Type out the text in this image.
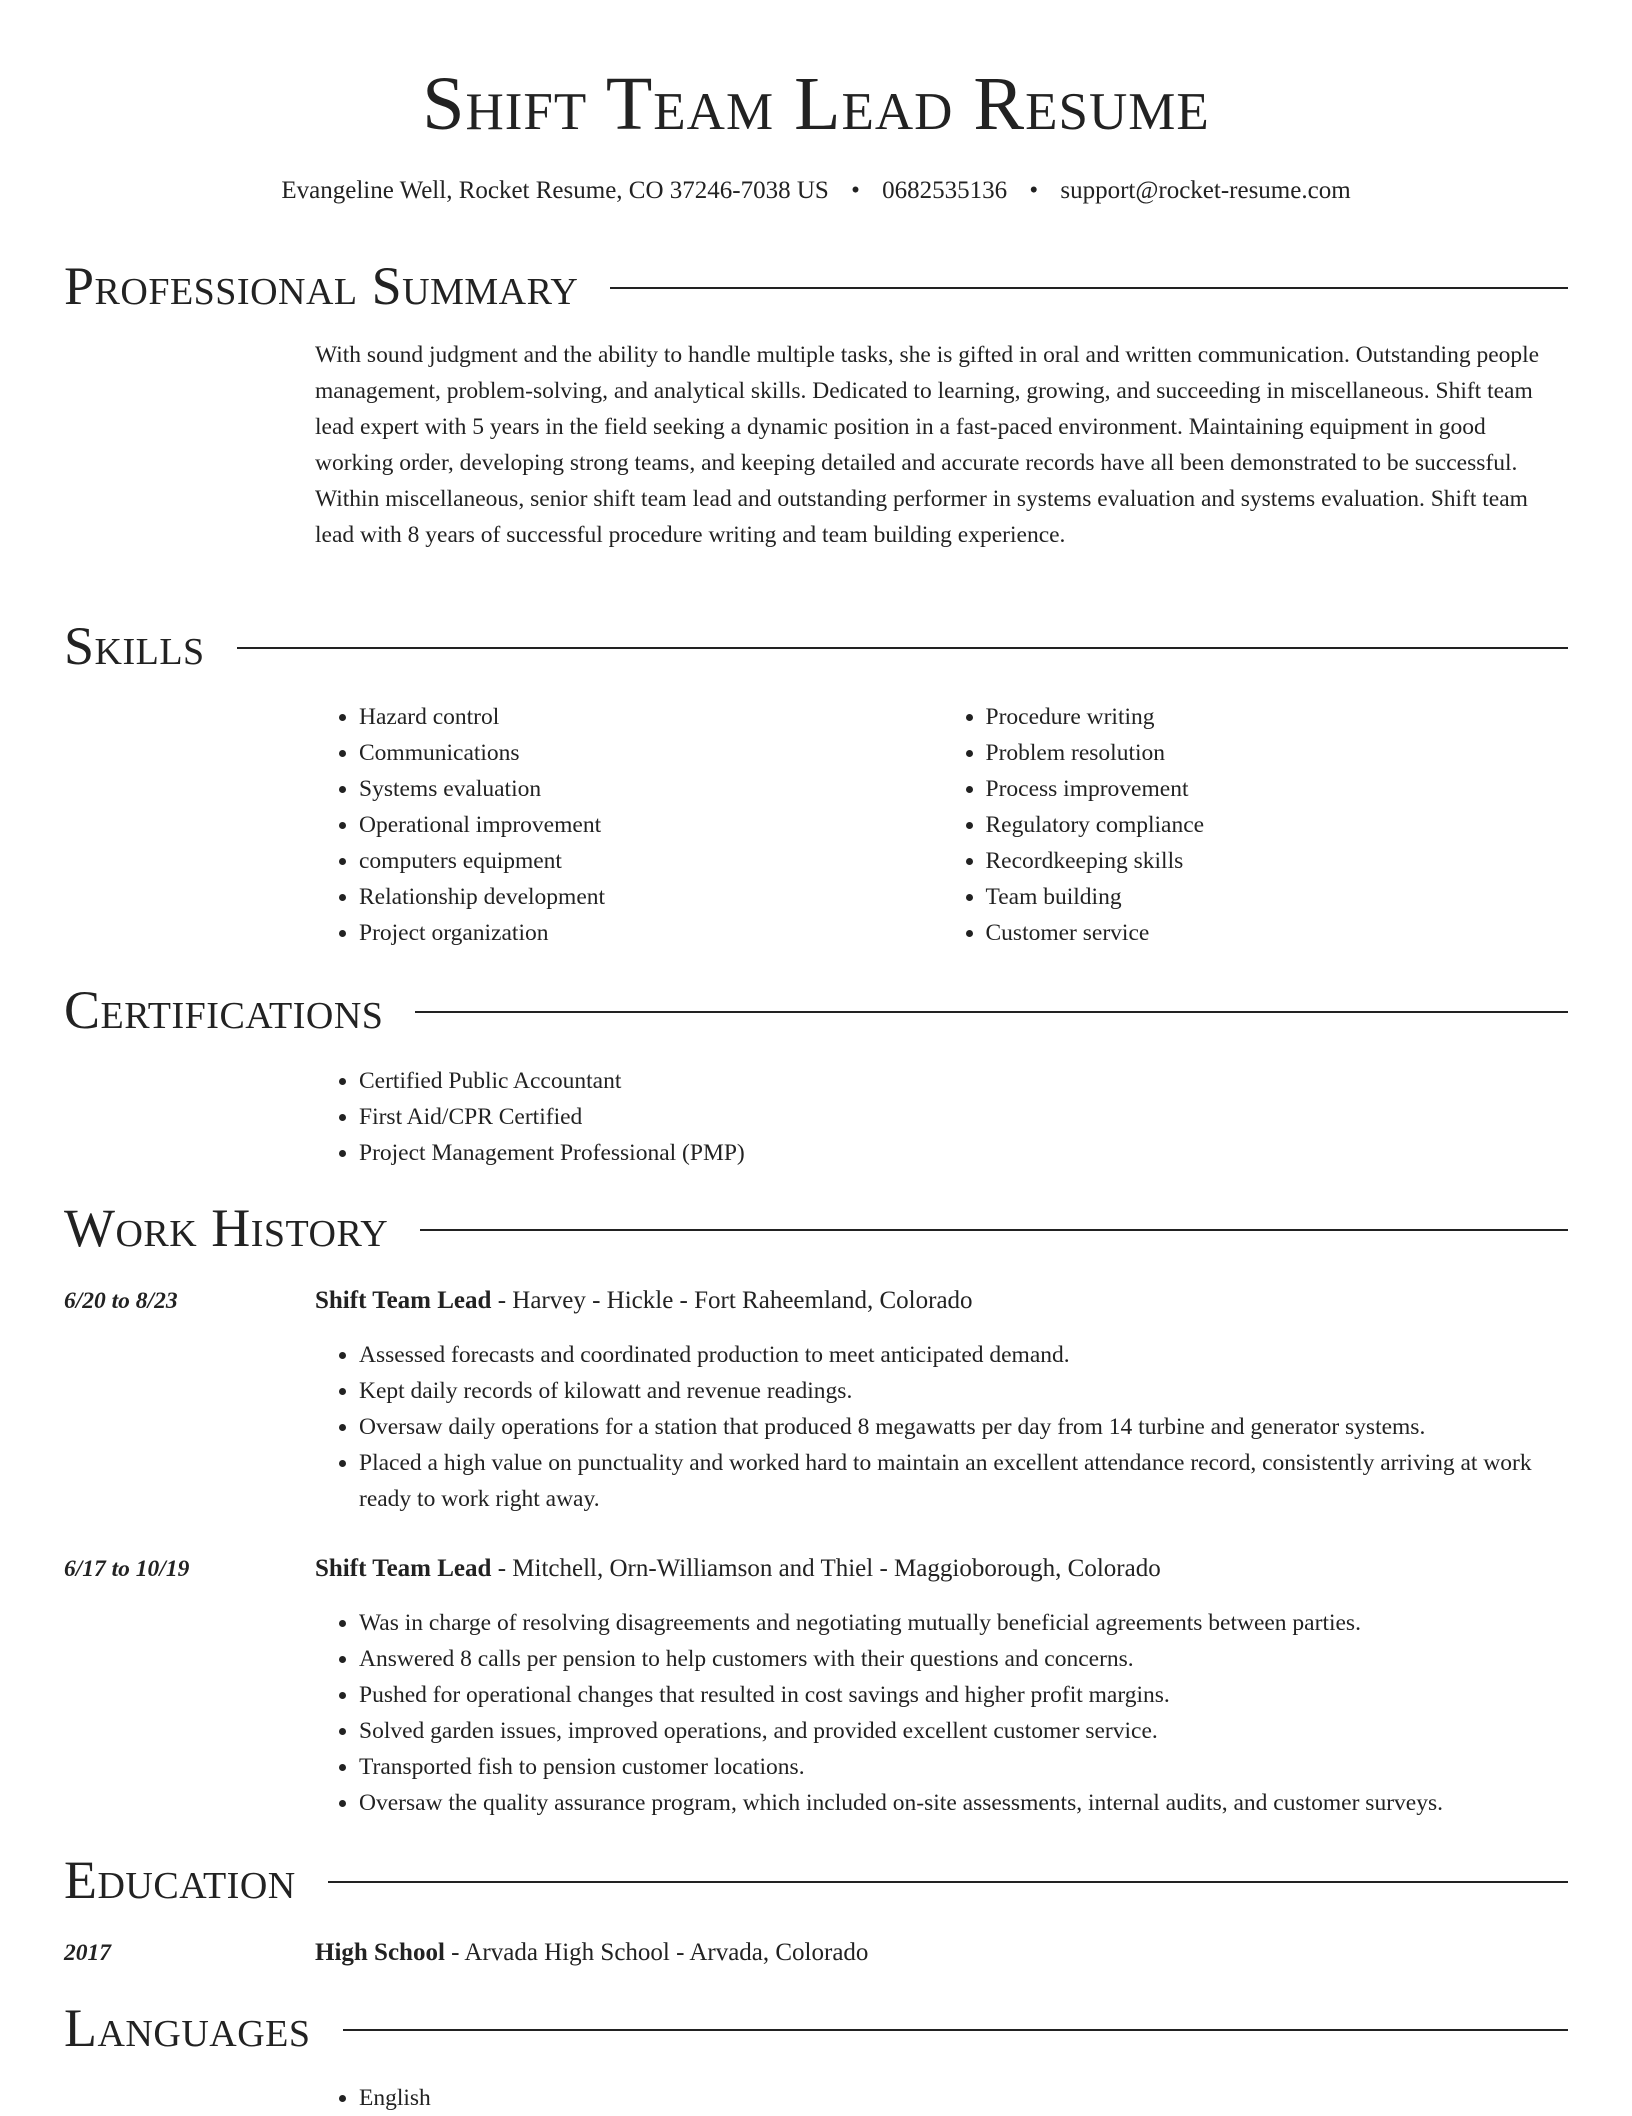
Shift Team Lead Resume
Evangeline Well, Rocket Resume, CO 37246-7038 US • 0682535136 • support@rocket-resume.com
Professional Summary

With sound judgment and the ability to handle multiple tasks, she is gifted in oral and written communication. Outstanding people management, problem-solving, and analytical skills. Dedicated to learning, growing, and succeeding in miscellaneous. Shift team lead expert with 5 years in the field seeking a dynamic position in a fast-paced environment. Maintaining equipment in good working order, developing strong teams, and keeping detailed and accurate records have all been demonstrated to be successful. Within miscellaneous, senior shift team lead and outstanding performer in systems evaluation and systems evaluation. Shift team lead with 8 years of successful procedure writing and team building experience.

Skills
• Hazard control
• Communications
• Systems evaluation
• Operational improvement
• computers equipment
• Relationship development
• Project organization
• Procedure writing
• Problem resolution
• Process improvement
• Regulatory compliance
• Recordkeeping skills
• Team building
• Customer service
Certifications
• Certified Public Accountant
• First Aid/CPR Certified
• Project Management Professional (PMP)
Work History
6/20 to 8/23	Shift Team Lead - Harvey - Hickle - Fort Raheemland, Colorado
• Assessed forecasts and coordinated production to meet anticipated demand.
• Kept daily records of kilowatt and revenue readings.
• Oversaw daily operations for a station that produced 8 megawatts per day from 14 turbine and generator systems.
• Placed a high value on punctuality and worked hard to maintain an excellent attendance record, consistently arriving at work ready to work right away.
6/17 to 10/19	Shift Team Lead - Mitchell, Orn-Williamson and Thiel - Maggioborough, Colorado
• Was in charge of resolving disagreements and negotiating mutually beneficial agreements between parties.
• Answered 8 calls per pension to help customers with their questions and concerns.
• Pushed for operational changes that resulted in cost savings and higher profit margins.
• Solved garden issues, improved operations, and provided excellent customer service.
• Transported fish to pension customer locations.
• Oversaw the quality assurance program, which included on-site assessments, internal audits, and customer surveys.
Education
2017	High School - Arvada High School - Arvada, Colorado
Languages
• English
